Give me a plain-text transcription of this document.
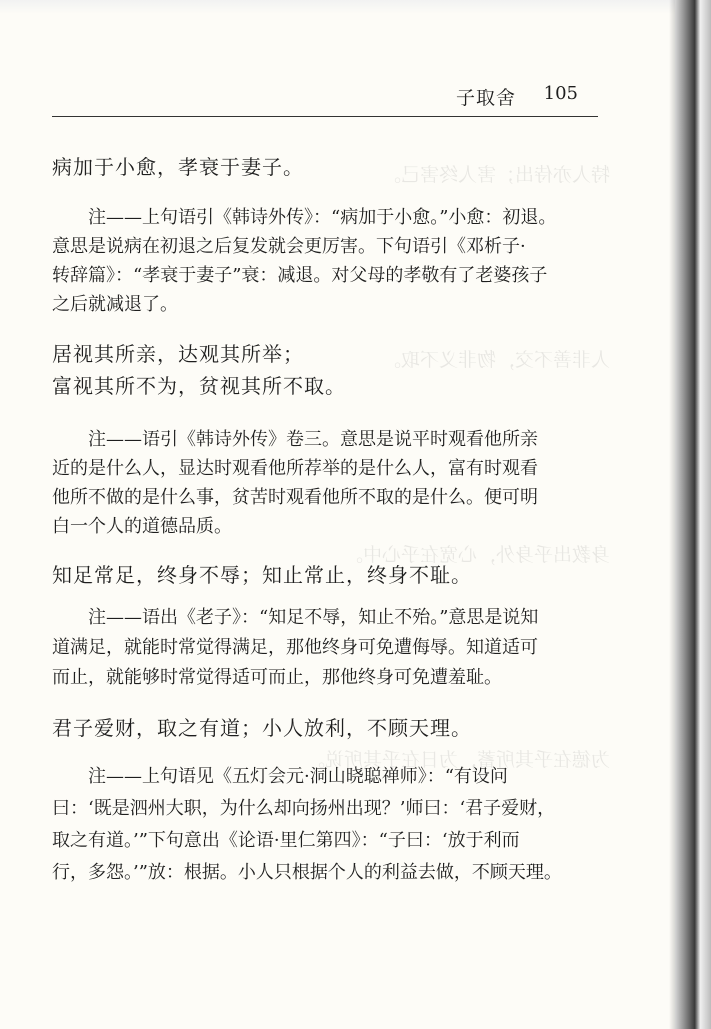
特人亦侍出；害人终害己。
人非善不交，物非义不取。
身教出乎身外，心宽在乎心中。
为德在乎其所蓄，为日在乎其所说。
子取舍 105
病加于小愈，孝衰于妻子。
注——上句语引《韩诗外传》：“病加于小愈。”小愈：初退。
意思是说病在初退之后复发就会更厉害。下句语引《邓析子·
转辞篇》：“孝衰于妻子”衰：减退。对父母的孝敬有了老婆孩子
之后就减退了。
居视其所亲，达观其所举；
富视其所不为，贫视其所不取。
注——语引《韩诗外传》卷三。意思是说平时观看他所亲
近的是什么人，显达时观看他所荐举的是什么人，富有时观看
他所不做的是什么事，贫苦时观看他所不取的是什么。便可明
白一个人的道德品质。
知足常足，终身不辱；知止常止，终身不耻。
注——语出《老子》：“知足不辱，知止不殆。”意思是说知
道满足，就能时常觉得满足，那他终身可免遭侮辱。知道适可
而止，就能够时常觉得适可而止，那他终身可免遭羞耻。
君子爱财，取之有道；小人放利，不顾天理。
注——上句语见《五灯会元·洞山晓聪禅师》：“有设问
曰：‘既是泗州大职，为什么却向扬州出现？’师曰：‘君子爱财，
取之有道。’”下句意出《论语·里仁第四》：“子曰：‘放于利而
行，多怨。’”放：根据。小人只根据个人的利益去做，不顾天理。
